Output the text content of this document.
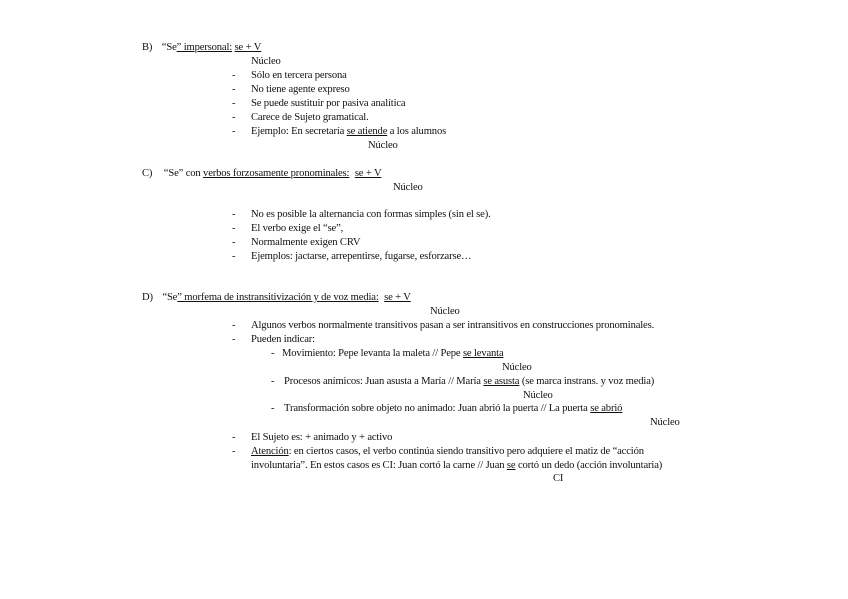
B) “Se” impersonal: se + V
Núcleo
- Sólo en tercera persona
- No tiene agente expreso
- Se puede sustituir por pasiva analítica
- Carece de Sujeto gramatical.
- Ejemplo: En secretaría se atiende a los alumnos
Núcleo
C) “Se” con verbos forzosamente pronominales: se + V
Núcleo
- No es posible la alternancia con formas simples (sin el se).
- El verbo exige el “se”,
- Normalmente exigen CRV
- Ejemplos: jactarse, arrepentirse, fugarse, esforzarse…
D) “Se” morfema de instransitivización y de voz media: se + V
Núcleo
- Algunos verbos normalmente transitivos pasan a ser intransitivos en construcciones pronominales.
- Pueden indicar:
- Movimiento: Pepe levanta la maleta // Pepe se levanta
Núcleo
- Procesos anímicos: Juan asusta a María // María se asusta (se marca instrans. y voz media)
Núcleo
- Transformación sobre objeto no animado: Juan abrió la puerta // La puerta se abrió
Núcleo
- El Sujeto es: + animado y + activo
- Atención: en ciertos casos, el verbo continúa siendo transitivo pero adquiere el matiz de “acción
involuntaria”. En estos casos es CI: Juan cortó la carne // Juan se cortó un dedo (acción involuntaria)
CI
